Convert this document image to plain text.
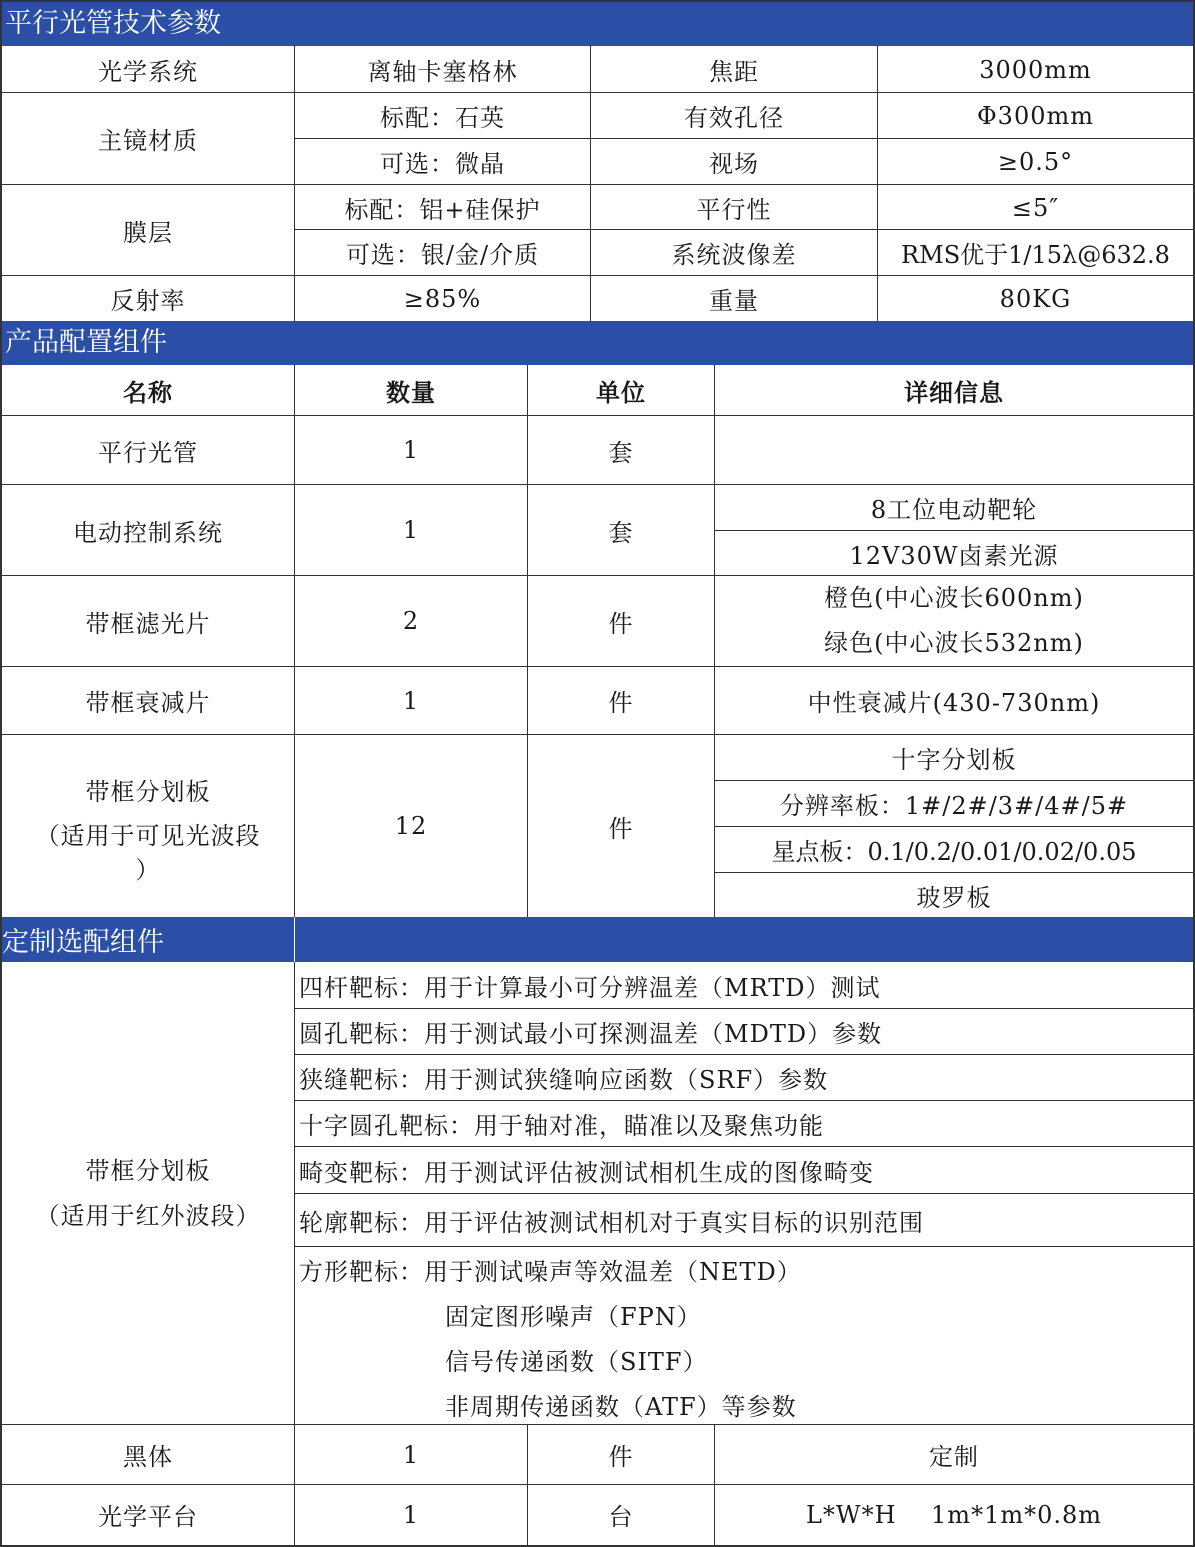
平行光管技术参数
光学系统	离轴卡塞格林	焦距	3000mm
主镜材质
标配：石英	有效孔径	Φ300mm
可选：微晶	视场	≥0.5°
膜层
标配：铝+硅保护	平行性	≤5″
可选：银/金/介质	系统波像差	RMS优于1/15λ@632.8
反射率	≥85%	重量	80KG
产品配置组件
名称	数量	单位	详细信息
平行光管	1	套
电动控制系统	1	套
8工位电动靶轮
12V30W卤素光源
带框滤光片	2	件
橙色(中心波长600nm)
绿色(中心波长532nm)
带框衰减片	1	件	中性衰减片(430-730nm)
带框分划板
（适用于可见光波段
）
12	件
十字分划板
分辨率板：1#/2#/3#/4#/5#
星点板：0.1/0.2/0.01/0.02/0.05
玻罗板
定制选配组件
带框分划板
（适用于红外波段）
四杆靶标：用于计算最小可分辨温差（MRTD）测试
圆孔靶标：用于测试最小可探测温差（MDTD）参数
狭缝靶标：用于测试狭缝响应函数（SRF）参数
十字圆孔靶标：用于轴对准，瞄准以及聚焦功能
畸变靶标：用于测试评估被测试相机生成的图像畸变
轮廓靶标：用于评估被测试相机对于真实目标的识别范围
方形靶标：用于测试噪声等效温差（NETD）
固定图形噪声（FPN）
信号传递函数（SITF）
非周期传递函数（ATF）等参数
黑体	1	件	定制
光学平台	1	台	L*W*H    1m*1m*0.8m
